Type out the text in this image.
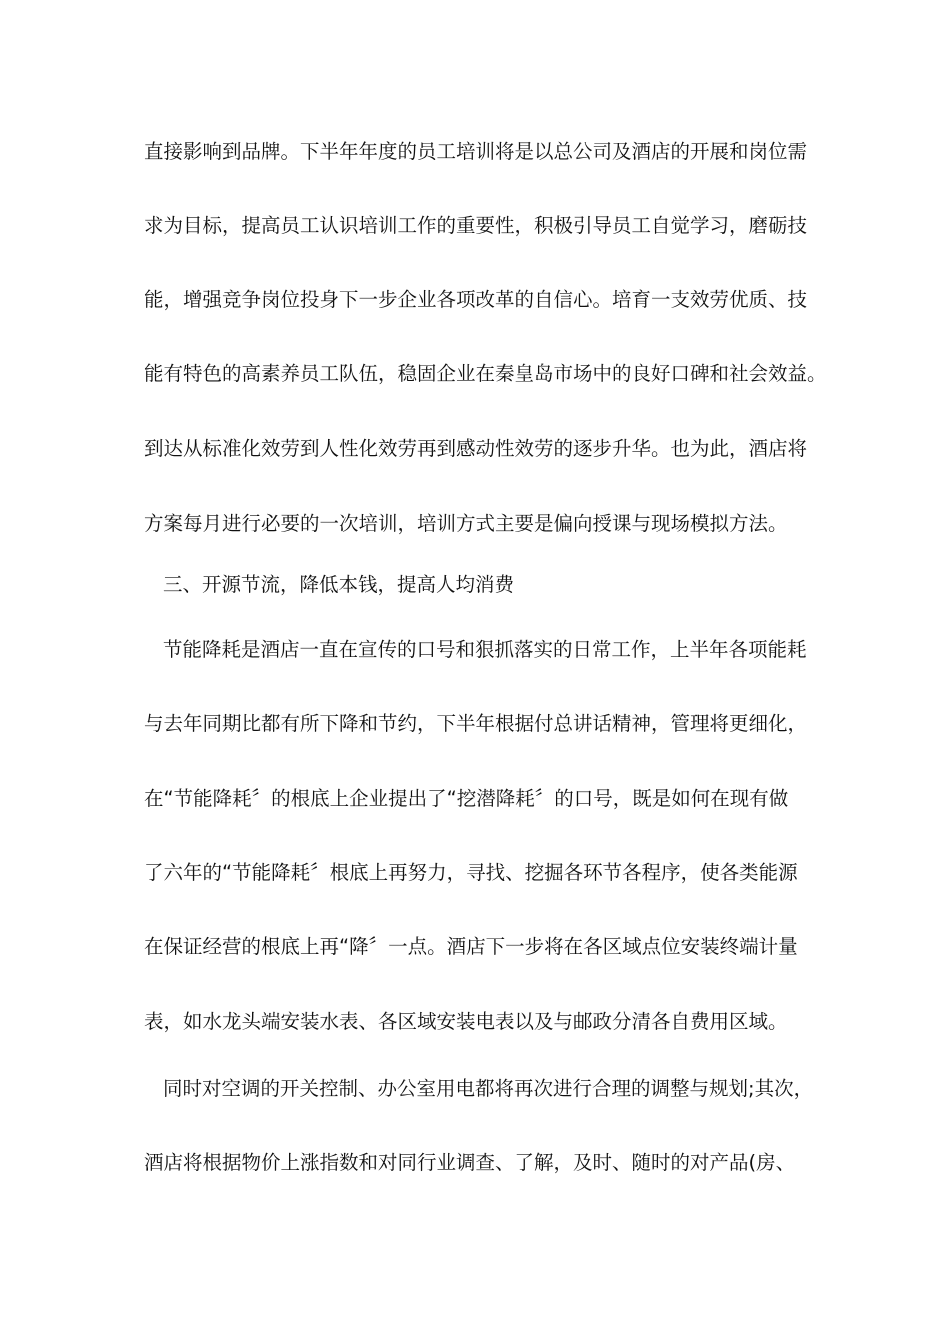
直接影响到品牌。下半年年度的员工培训将是以总公司及酒店的开展和岗位需
求为目标，提高员工认识培训工作的重要性，积极引导员工自觉学习，磨砺技
能，增强竞争岗位投身下一步企业各项改革的自信心。培育一支效劳优质、技
能有特色的高素养员工队伍，稳固企业在秦皇岛市场中的良好口碑和社会效益。
到达从标准化效劳到人性化效劳再到感动性效劳的逐步升华。也为此，酒店将
方案每月进行必要的一次培训，培训方式主要是偏向授课与现场模拟方法。
三、开源节流，降低本钱，提高人均消费
节能降耗是酒店一直在宣传的口号和狠抓落实的日常工作，上半年各项能耗
与去年同期比都有所下降和节约，下半年根据付总讲话精神，管理将更细化，
在“节能降耗〞的根底上企业提出了“挖潜降耗〞的口号，既是如何在现有做
了六年的“节能降耗〞根底上再努力，寻找、挖掘各环节各程序，使各类能源
在保证经营的根底上再“降〞一点。酒店下一步将在各区域点位安装终端计量
表，如水龙头端安装水表、各区域安装电表以及与邮政分清各自费用区域。
同时对空调的开关控制、办公室用电都将再次进行合理的调整与规划;其次，
酒店将根据物价上涨指数和对同行业调查、了解，及时、随时的对产品(房、
